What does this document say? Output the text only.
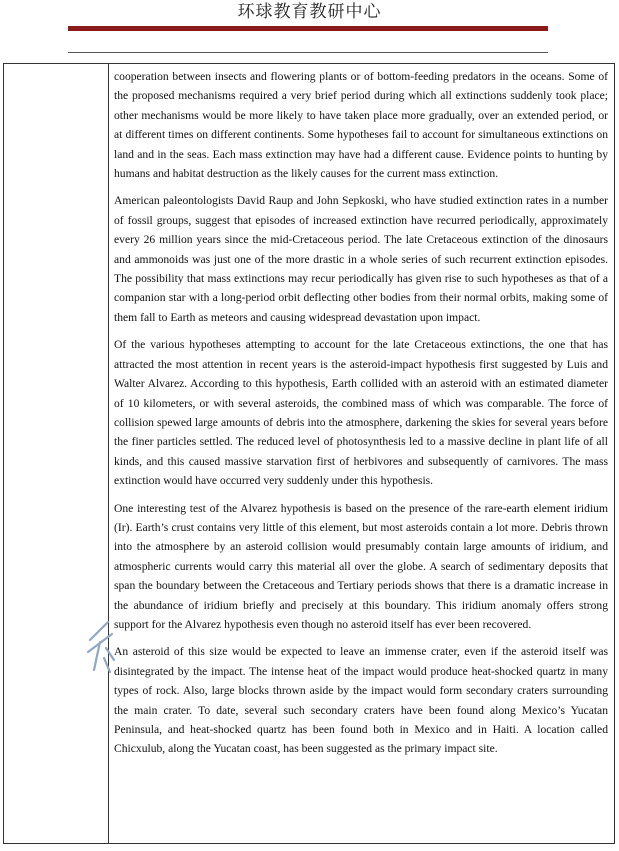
环球教育教研中心

cooperation between insects and flowering plants or of bottom-feeding predators in the oceans. Some of the proposed mechanisms required a very brief period during which all extinctions suddenly took place; other mechanisms would be more likely to have taken place more gradually, over an extended period, or at different times on different continents. Some hypotheses fail to account for simultaneous extinctions on land and in the seas. Each mass extinction may have had a different cause. Evidence points to hunting by humans and habitat destruction as the likely causes for the current mass extinction.

American paleontologists David Raup and John Sepkoski, who have studied extinction rates in a number of fossil groups, suggest that episodes of increased extinction have recurred periodically, approximately every 26 million years since the mid-Cretaceous period. The late Cretaceous extinction of the dinosaurs and ammonoids was just one of the more drastic in a whole series of such recurrent extinction episodes. The possibility that mass extinctions may recur periodically has given rise to such hypotheses as that of a companion star with a long-period orbit deflecting other bodies from their normal orbits, making some of them fall to Earth as meteors and causing widespread devastation upon impact.

Of the various hypotheses attempting to account for the late Cretaceous extinctions, the one that has attracted the most attention in recent years is the asteroid-impact hypothesis first suggested by Luis and Walter Alvarez. According to this hypothesis, Earth collided with an asteroid with an estimated diameter of 10 kilometers, or with several asteroids, the combined mass of which was comparable. The force of collision spewed large amounts of debris into the atmosphere, darkening the skies for several years before the finer particles settled. The reduced level of photosynthesis led to a massive decline in plant life of all kinds, and this caused massive starvation first of herbivores and subsequently of carnivores. The mass extinction would have occurred very suddenly under this hypothesis.

One interesting test of the Alvarez hypothesis is based on the presence of the rare-earth element iridium (Ir). Earth’s crust contains very little of this element, but most asteroids contain a lot more. Debris thrown into the atmosphere by an asteroid collision would presumably contain large amounts of iridium, and atmospheric currents would carry this material all over the globe. A search of sedimentary deposits that span the boundary between the Cretaceous and Tertiary periods shows that there is a dramatic increase in the abundance of iridium briefly and precisely at this boundary. This iridium anomaly offers strong support for the Alvarez hypothesis even though no asteroid itself has ever been recovered.

An asteroid of this size would be expected to leave an immense crater, even if the asteroid itself was disintegrated by the impact. The intense heat of the impact would produce heat-shocked quartz in many types of rock. Also, large blocks thrown aside by the impact would form secondary craters surrounding the main crater. To date, several such secondary craters have been found along Mexico’s Yucatan Peninsula, and heat-shocked quartz has been found both in Mexico and in Haiti. A location called Chicxulub, along the Yucatan coast, has been suggested as the primary impact site.
